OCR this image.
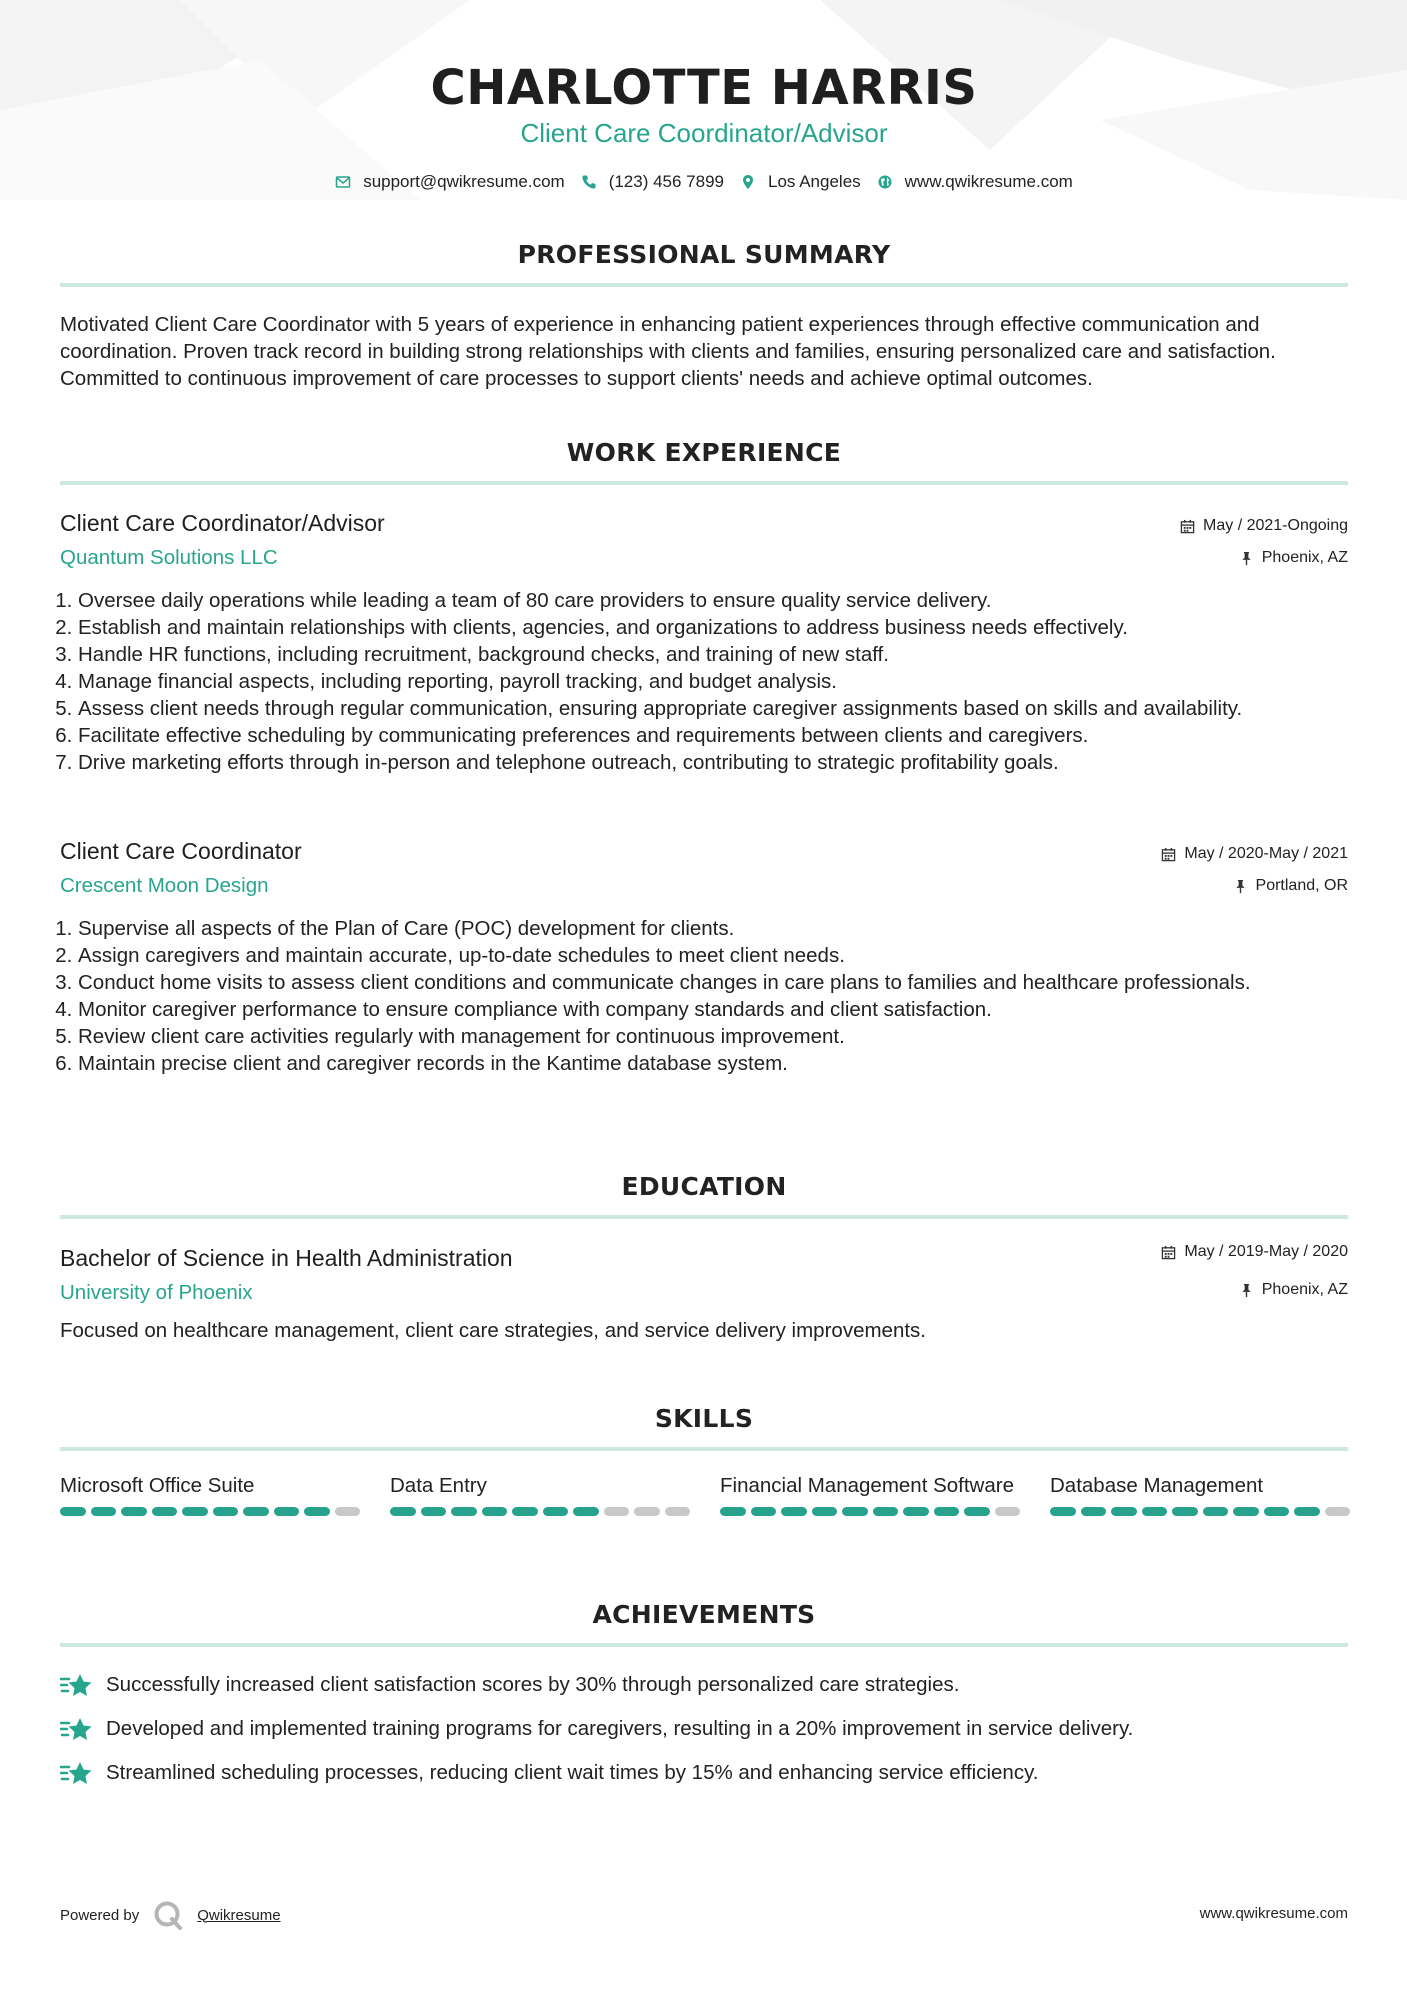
CHARLOTTE HARRIS
Client Care Coordinator/Advisor
support@qwikresume.com	(123) 456 7899	Los Angeles	www.qwikresume.com
PROFESSIONAL SUMMARY
Motivated Client Care Coordinator with 5 years of experience in enhancing patient experiences through effective communication and coordination. Proven track record in building strong relationships with clients and families, ensuring personalized care and satisfaction. Committed to continuous improvement of care processes to support clients' needs and achieve optimal outcomes.
WORK EXPERIENCE
Client Care Coordinator/Advisor
Quantum Solutions LLC
May / 2021-Ongoing
Phoenix, AZ
1. Oversee daily operations while leading a team of 80 care providers to ensure quality service delivery.
2. Establish and maintain relationships with clients, agencies, and organizations to address business needs effectively.
3. Handle HR functions, including recruitment, background checks, and training of new staff.
4. Manage financial aspects, including reporting, payroll tracking, and budget analysis.
5. Assess client needs through regular communication, ensuring appropriate caregiver assignments based on skills and availability.
6. Facilitate effective scheduling by communicating preferences and requirements between clients and caregivers.
7. Drive marketing efforts through in-person and telephone outreach, contributing to strategic profitability goals.
Client Care Coordinator
Crescent Moon Design
May / 2020-May / 2021
Portland, OR
1. Supervise all aspects of the Plan of Care (POC) development for clients.
2. Assign caregivers and maintain accurate, up-to-date schedules to meet client needs.
3. Conduct home visits to assess client conditions and communicate changes in care plans to families and healthcare professionals.
4. Monitor caregiver performance to ensure compliance with company standards and client satisfaction.
5. Review client care activities regularly with management for continuous improvement.
6. Maintain precise client and caregiver records in the Kantime database system.
EDUCATION
Bachelor of Science in Health Administration
University of Phoenix
May / 2019-May / 2020
Phoenix, AZ
Focused on healthcare management, client care strategies, and service delivery improvements.
SKILLS
Microsoft Office Suite	Data Entry	Financial Management Software Database Management
ACHIEVEMENTS
Successfully increased client satisfaction scores by 30% through personalized care strategies.
Developed and implemented training programs for caregivers, resulting in a 20% improvement in service delivery.
Streamlined scheduling processes, reducing client wait times by 15% and enhancing service efficiency.
Powered by	Qwikresume	www.qwikresume.com
